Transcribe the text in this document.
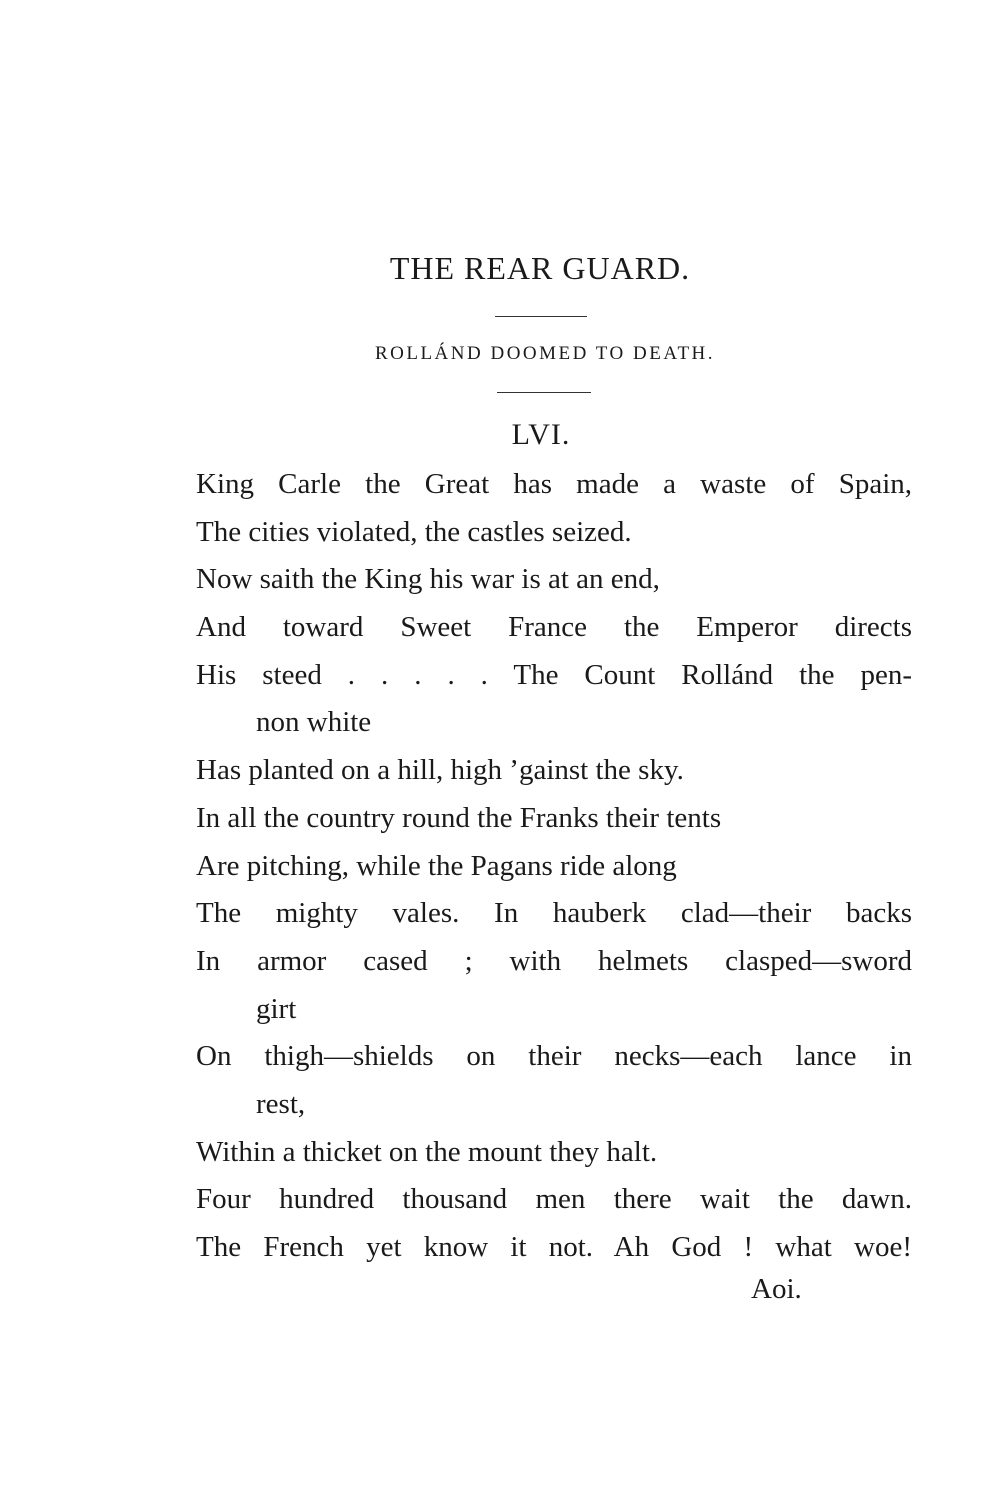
THE REAR GUARD.
ROLLÁND DOOMED TO DEATH.
LVI.
King Carle the Great has made a waste of Spain,
The cities violated, the castles seized.
Now saith the King his war is at an end,
And toward Sweet France the Emperor directs
His steed . . . . . The Count Rollánd the pen-
non white
Has planted on a hill, high ’gainst the sky.
In all the country round the Franks their tents
Are pitching, while the Pagans ride along
The mighty vales. In hauberk clad—their backs
In armor cased ; with helmets clasped—sword
girt
On thigh—shields on their necks—each lance in
rest,
Within a thicket on the mount they halt.
Four hundred thousand men there wait the dawn.
The French yet know it not. Ah God ! what woe!
Aoi.
